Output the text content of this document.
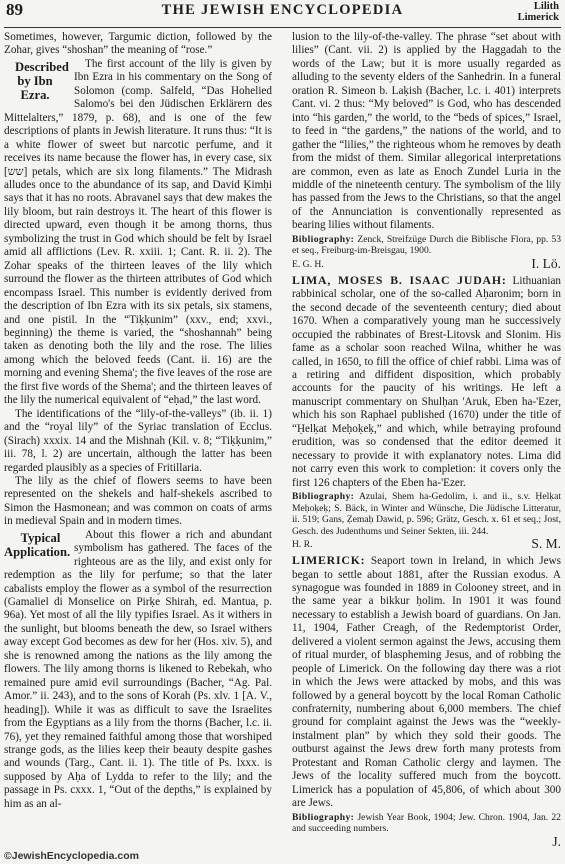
89	THE JEWISH ENCYCLOPEDIA	Lilith
Limerick

Sometimes, however, Targumic diction, followed by the Zohar, gives “shoshan” the meaning of “rose.”

Described by Ibn Ezra.
The first account of the lily is given by Ibn Ezra in his commentary on the Song of Solomon (comp. Salfeld, “Das Hohelied Salomo's bei den Jüdischen Erklärern des Mittelalters,” 1879, p. 68), and is one of the few descriptions of plants in Jewish literature. It runs thus: “It is a white flower of sweet but narcotic perfume, and it receives its name because the flower has, in every case, six [שש] petals, which are six long filaments.” The Midrash alludes once to the abundance of its sap, and David Ḳimḥi says that it has no roots. Abravanel says that dew makes the lily bloom, but rain destroys it. The heart of this flower is directed upward, even though it be among thorns, thus symbolizing the trust in God which should be felt by Israel amid all afflictions (Lev. R. xxiii. 1; Cant. R. ii. 2). The Zohar speaks of the thirteen leaves of the lily which surround the flower as the thirteen attributes of God which encompass Israel. This number is evidently derived from the description of Ibn Ezra with its six petals, six stamens, and one pistil. In the “Tiḳḳunim” (xxv., end; xxvi., beginning) the theme is varied, the “shoshannah” being taken as denoting both the lily and the rose. The lilies among which the beloved feeds (Cant. ii. 16) are the morning and evening Shema'; the five leaves of the rose are the first five words of the Shema'; and the thirteen leaves of the lily the numerical equivalent of “eḥad,” the last word.

The identifications of the “lily-of-the-valleys” (ib. ii. 1) and the “royal lily” of the Syriac translation of Ecclus. (Sirach) xxxix. 14 and the Mishnah (Kil. v. 8; “Tiḳḳunim,” iii. 78, l. 2) are uncertain, although the latter has been regarded plausibly as a species of Fritillaria.

The lily as the chief of flowers seems to have been represented on the shekels and half-shekels ascribed to Simon the Hasmonean; and was common on coats of arms in medieval Spain and in modern times.

Typical Application.
About this flower a rich and abundant symbolism has gathered. The faces of the righteous are as the lily, and exist only for redemption as the lily for perfume; so that the later cabalists employ the flower as a symbol of the resurrection (Gamaliel di Monselice on Pirḳe Shirah, ed. Mantua, p. 96a). Yet most of all the lily typifies Israel. As it withers in the sunlight, but blooms beneath the dew, so Israel withers away except God becomes as dew for her (Hos. xiv. 5), and she is renowned among the nations as the lily among the flowers. The lily among thorns is likened to Rebekah, who remained pure amid evil surroundings (Bacher, “Ag. Pal. Amor.” ii. 243), and to the sons of Korah (Ps. xlv. 1 [A. V., heading]). While it was as difficult to save the Israelites from the Egyptians as a lily from the thorns (Bacher, l.c. ii. 76), yet they remained faithful among those that worshiped strange gods, as the lilies keep their beauty despite gashes and wounds (Targ., Cant. ii. 1). The title of Ps. lxxx. is supposed by Aḥa of Lydda to refer to the lily; and the passage in Ps. cxxx. 1, “Out of the depths,” is explained by him as an al-

lusion to the lily-of-the-valley. The phrase “set about with lilies” (Cant. vii. 2) is applied by the Haggadah to the words of the Law; but it is more usually regarded as alluding to the seventy elders of the Sanhedrin. In a funeral oration R. Simeon b. Laḳish (Bacher, l.c. i. 401) interprets Cant. vi. 2 thus: “My beloved” is God, who has descended into “his garden,” the world, to the “beds of spices,” Israel, to feed in “the gardens,” the nations of the world, and to gather the “lilies,” the righteous whom he removes by death from the midst of them. Similar allegorical interpretations are common, even as late as Enoch Zundel Luria in the middle of the nineteenth century. The symbolism of the lily has passed from the Jews to the Christians, so that the angel of the Annunciation is conventionally represented as bearing lilies without filaments.

Bibliography: Zenck, Streifzüge Durch die Biblische Flora, pp. 53 et seq., Freiburg-im-Breisgau, 1900.

E. G. H.	I. Lö.

LIMA, MOSES B. ISAAC JUDAH: Lithuanian rabbinical scholar, one of the so-called Aḥaronim; born in the second decade of the seventeenth century; died about 1670. When a comparatively young man he successively occupied the rabbinates of Brest-Litovsk and Slonim. His fame as a scholar soon reached Wilna, whither he was called, in 1650, to fill the office of chief rabbi. Lima was of a retiring and diffident disposition, which probably accounts for the paucity of his writings. He left a manuscript commentary on Shulḥan 'Aruk, Eben ha-'Ezer, which his son Raphael published (1670) under the title of “Ḥelḳat Meḥoḳeḳ,” and which, while betraying profound erudition, was so condensed that the editor deemed it necessary to provide it with explanatory notes. Lima did not carry even this work to completion: it covers only the first 126 chapters of the Eben ha-'Ezer.

Bibliography: Azulai, Shem ha-Gedolim, i. and ii., s.v. Ḥelḳat Meḥoḳeḳ; S. Bäck, in Winter and Wünsche, Die Jüdische Litteratur, ii. 519; Gans, Ẓemaḥ Dawid, p. 596; Grätz, Gesch. x. 61 et seq.; Jost, Gesch. des Judenthums und Seiner Sekten, iii. 244.

H. R.	S. M.

LIMERICK: Seaport town in Ireland, in which Jews began to settle about 1881, after the Russian exodus. A synagogue was founded in 1889 in Colooney street, and in the same year a bikkur ḥolim. In 1901 it was found necessary to establish a Jewish board of guardians. On Jan. 11, 1904, Father Creagh, of the Redemptorist Order, delivered a violent sermon against the Jews, accusing them of ritual murder, of blaspheming Jesus, and of robbing the people of Limerick. On the following day there was a riot in which the Jews were attacked by mobs, and this was followed by a general boycott by the local Roman Catholic confraternity, numbering about 6,000 members. The chief ground for complaint against the Jews was the “weekly-instalment plan” by which they sold their goods. The outburst against the Jews drew forth many protests from Protestant and Roman Catholic clergy and laymen. The Jews of the locality suffered much from the boycott. Limerick has a population of 45,806, of which about 300 are Jews.

Bibliography: Jewish Year Book, 1904; Jew. Chron. 1904, Jan. 22 and succeeding numbers.

J.
©JewishEncyclopedia.com
